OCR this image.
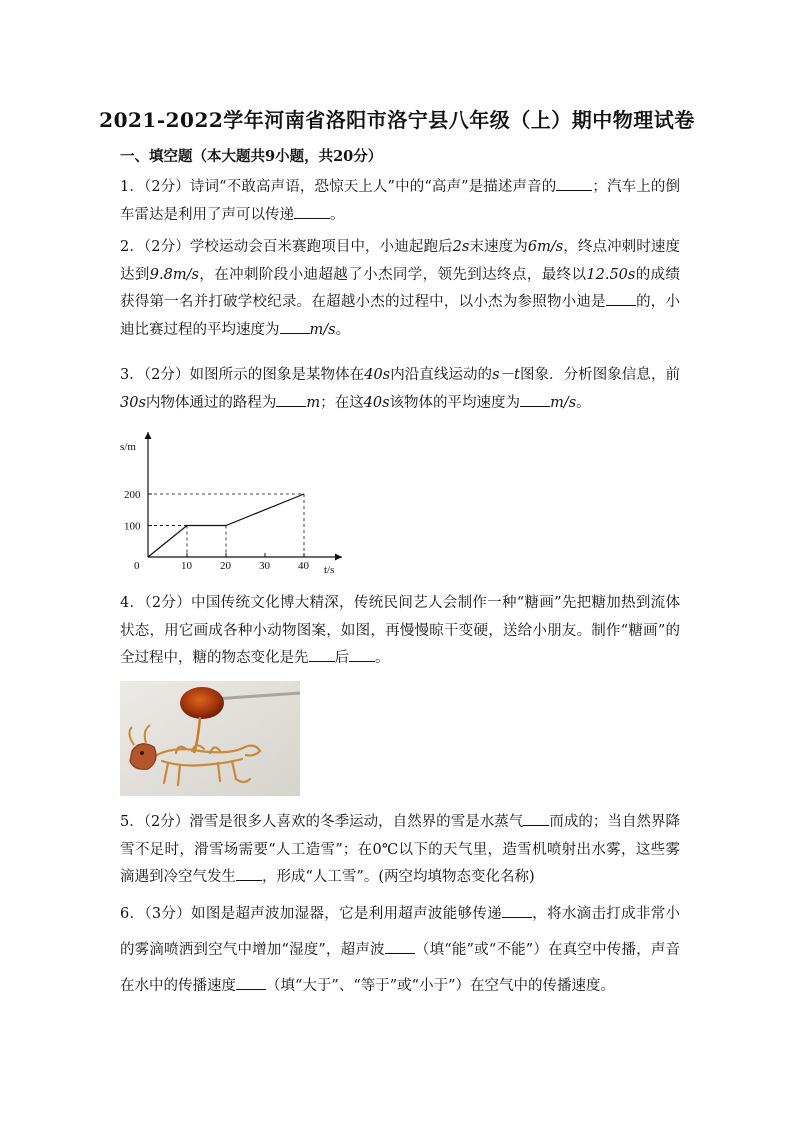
2021-2022学年河南省洛阳市洛宁县八年级（上）期中物理试卷
一、填空题（本大题共9小题，共20分）
1．（2分）诗词“不敢高声语，恐惊天上人”中的“高声”是描述声音的 ；汽车上的倒车雷达是利用了声可以传递 。
2．（2分）学校运动会百米赛跑项目中，小迪起跑后2s末速度为6m/s，终点冲刺时速度达到9.8m/s，在冲刺阶段小迪超越了小杰同学，领先到达终点，最终以12.50s的成绩获得第一名并打破学校纪录。在超越小杰的过程中，以小杰为参照物小迪是 的，小迪比赛过程的平均速度为 m/s。
3．（2分）如图所示的图象是某物体在40s内沿直线运动的s－t图象．分析图象信息，前30s内物体通过的路程为 m；在这40s该物体的平均速度为 m/s。
s/m
t/s
0	10	20	30	40
100
200
4．（2分）中国传统文化博大精深，传统民间艺人会制作一种“糖画”先把糖加热到流体状态，用它画成各种小动物图案，如图，再慢慢晾干变硬，送给小朋友。制作“糖画”的全过程中，糖的物态变化是先 后 。
5．（2分）滑雪是很多人喜欢的冬季运动，自然界的雪是水蒸气 而成的；当自然界降雪不足时，滑雪场需要“人工造雪”；在0℃以下的天气里，造雪机喷射出水雾，这些雾滴遇到冷空气发生 ，形成“人工雪”。(两空均填物态变化名称)
6．（3分）如图是超声波加湿器，它是利用超声波能够传递 ，将水滴击打成非常小的雾滴喷洒到空气中增加“湿度”，超声波 （填“能”或“不能”）在真空中传播，声音在水中的传播速度 （填“大于”、“等于”或“小于”）在空气中的传播速度。
